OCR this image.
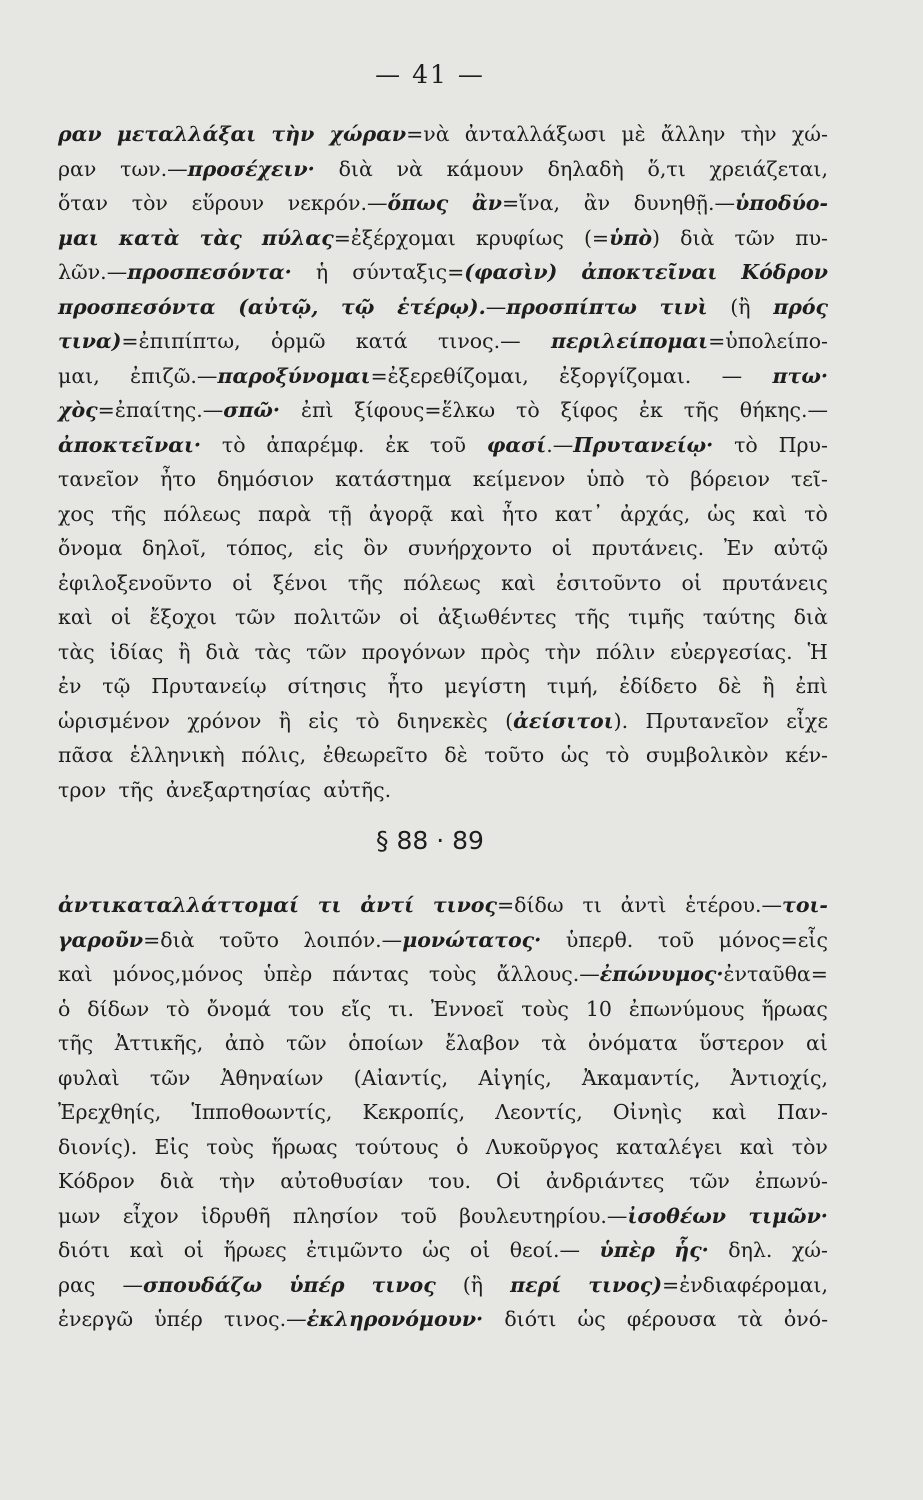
— 41 —
ραν μεταλλάξαι τὴν χώραν=νὰ ἀνταλλάξωσι μὲ ἄλλην τὴν χώ-
ραν των.—προσέχειν· διὰ νὰ κάμουν δηλαδὴ ὅ,τι χρειάζεται,
ὅταν τὸν εὕρουν νεκρόν.—ὅπως ἂν=ἵνα, ἂν δυνηθῇ.—ὑποδύο-
μαι κατὰ τὰς πύλας=ἐξέρχομαι κρυφίως (=ὑπὸ) διὰ τῶν πυ-
λῶν.—προσπεσόντα· ἡ σύνταξις=(φασὶν) ἀποκτεῖναι Κόδρον
προσπεσόντα (αὐτῷ, τῷ ἑτέρῳ).—προσπίπτω τινὶ (ἢ πρός
τινα)=ἐπιπίπτω, ὁρμῶ κατά τινος.— περιλείπομαι=ὑπολείπο-
μαι, ἐπιζῶ.—παροξύνομαι=ἐξερεθίζομαι, ἐξοργίζομαι. — πτω·
χὸς=ἐπαίτης.—σπῶ· ἐπὶ ξίφους=ἕλκω τὸ ξίφος ἐκ τῆς θήκης.—
ἀποκτεῖναι· τὸ ἀπαρέμφ. ἐκ τοῦ φασί.—Πρυτανείῳ· τὸ Πρυ-
τανεῖον ἦτο δημόσιον κατάστημα κείμενον ὑπὸ τὸ βόρειον τεῖ-
χος τῆς πόλεως παρὰ τῇ ἀγορᾷ καὶ ἦτο κατ᾽ ἀρχάς, ὡς καὶ τὸ
ὄνομα δηλοῖ, τόπος, εἰς ὃν συνήρχοντο οἱ πρυτάνεις. Ἐν αὐτῷ
ἐφιλοξενοῦντο οἱ ξένοι τῆς πόλεως καὶ ἐσιτοῦντο οἱ πρυτάνεις
καὶ οἱ ἔξοχοι τῶν πολιτῶν οἱ ἀξιωθέντες τῆς τιμῆς ταύτης διὰ
τὰς ἰδίας ἢ διὰ τὰς τῶν προγόνων πρὸς τὴν πόλιν εὐεργεσίας. Ἡ
ἐν τῷ Πρυτανείῳ σίτησις ἦτο μεγίστη τιμή, ἐδίδετο δὲ ἢ ἐπὶ
ὡρισμένον χρόνον ἢ εἰς τὸ διηνεκὲς (ἀείσιτοι). Πρυτανεῖον εἶχε
πᾶσα ἑλληνικὴ πόλις, ἐθεωρεῖτο δὲ τοῦτο ὡς τὸ συμβολικὸν κέν-
τρον τῆς ἀνεξαρτησίας αὐτῆς.
§ 88 · 89
ἀντικαταλλάττομαί τι ἀντί τινος=δίδω τι ἀντὶ ἑτέρου.—τοι-
γαροῦν=διὰ τοῦτο λοιπόν.—μονώτατος· ὑπερθ. τοῦ μόνος=εἷς
καὶ μόνος,μόνος ὑπὲρ πάντας τοὺς ἄλλους.—ἐπώνυμος·ἐνταῦθα=
ὁ δίδων τὸ ὄνομά του εἴς τι. Ἐννοεῖ τοὺς 10 ἐπωνύμους ἥρωας
τῆς Ἀττικῆς, ἀπὸ τῶν ὁποίων ἔλαβον τὰ ὀνόματα ὕστερον αἱ
φυλαὶ τῶν Ἀθηναίων (Αἰαντίς, Αἰγηίς, Ἀκαμαντίς, Ἀντιοχίς,
Ἐρεχθηίς, Ἱπποθοωντίς, Κεκροπίς, Λεοντίς, Οἰνηὶς καὶ Παν-
διονίς). Εἰς τοὺς ἥρωας τούτους ὁ Λυκοῦργος καταλέγει καὶ τὸν
Κόδρον διὰ τὴν αὐτοθυσίαν του. Οἱ ἀνδριάντες τῶν ἐπωνύ-
μων εἶχον ἱδρυθῆ πλησίον τοῦ βουλευτηρίου.—ἰσοθέων τιμῶν·
διότι καὶ οἱ ἥρωες ἐτιμῶντο ὡς οἱ θεοί.— ὑπὲρ ἧς· δηλ. χώ-
ρας —σπουδάζω ὑπέρ τινος (ἢ περί τινος)=ἐνδιαφέρομαι,
ἐνεργῶ ὑπέρ τινος.—ἐκληρονόμουν· διότι ὡς φέρουσα τὰ ὀνό-
